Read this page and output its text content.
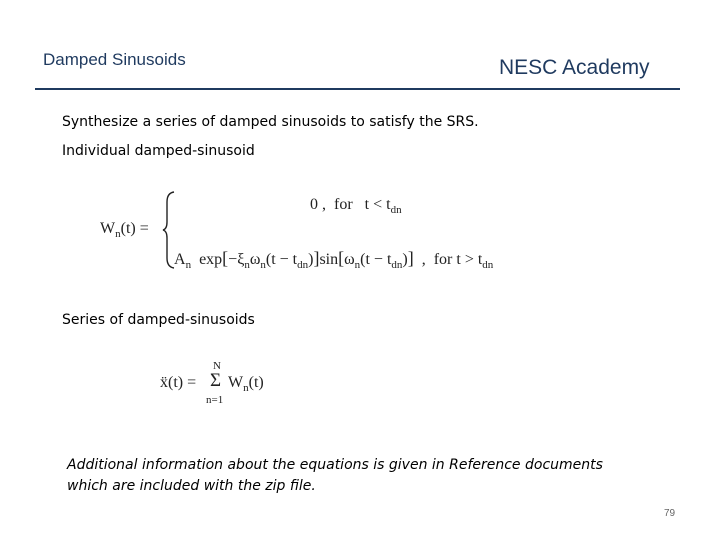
Damped Sinusoids	NESC Academy
Synthesize a series of damped sinusoids to satisfy the SRS.
Individual damped-sinusoid
$W_n(t)$ =
0 , for $t < t_{dn}$
$A_n$ $\exp[-\xi_n\omega_n(t - t_{dn})]\sin[\omega_n(t - t_{dn})]$ , for $t > t_{dn}$
Series of damped-sinusoids
ẍ(t) =
N
Σ
n=1
$W_n(t)$
Additional information about the equations is given in Reference documents
which are included with the zip file.
79
